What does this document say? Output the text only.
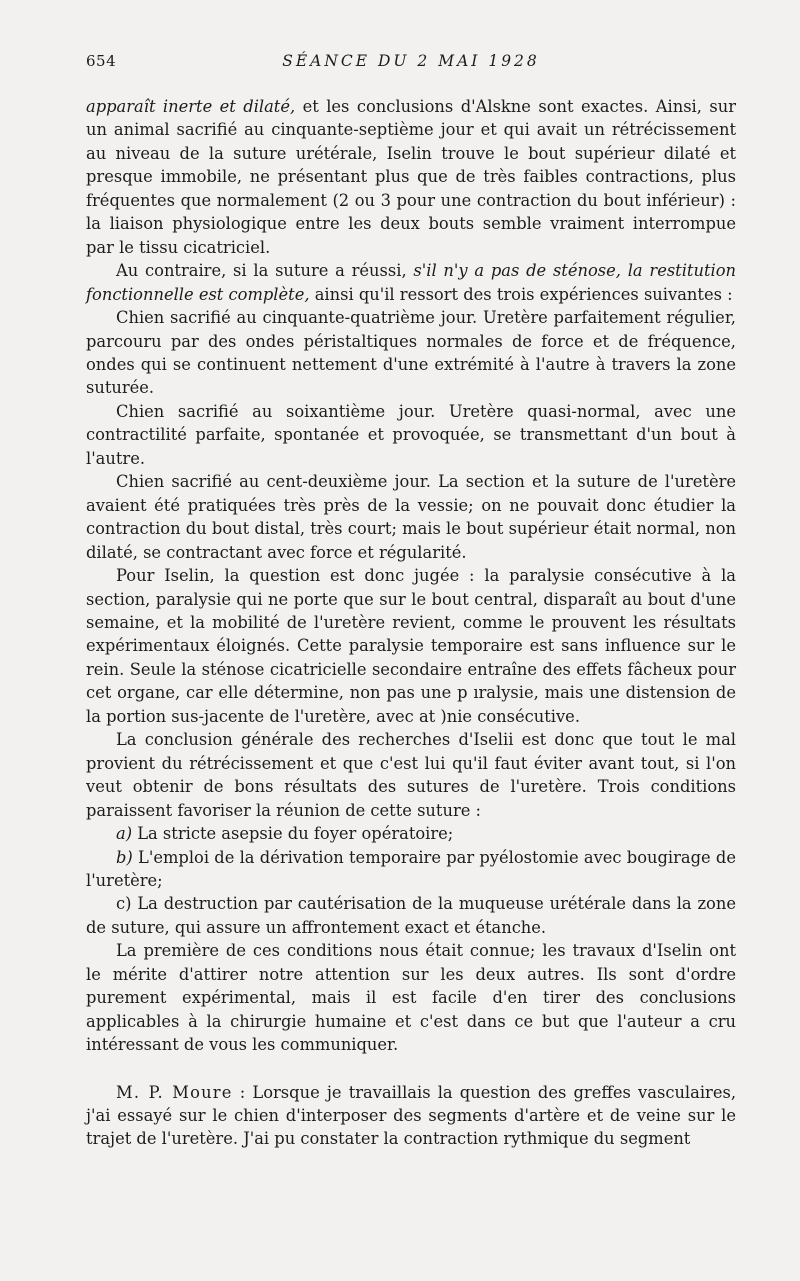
654	SÉANCE DU 2 MAI 1928

apparaît inerte et dilaté, et les conclusions d'Alskne sont exactes. Ainsi, sur un animal sacrifié au cinquante-septième jour et qui avait un rétrécissement au niveau de la suture urétérale, Iselin trouve le bout supérieur dilaté et presque immobile, ne présentant plus que de très faibles contractions, plus fréquentes que normalement (2 ou 3 pour une contraction du bout inférieur) : la liaison physiologique entre les deux bouts semble vraiment interrompue par le tissu cicatriciel.

Au contraire, si la suture a réussi, s'il n'y a pas de sténose, la restitution fonctionnelle est complète, ainsi qu'il ressort des trois expériences suivantes :

Chien sacrifié au cinquante-quatrième jour. Uretère parfaitement régulier, parcouru par des ondes péristaltiques normales de force et de fréquence, ondes qui se continuent nettement d'une extrémité à l'autre à travers la zone suturée.

Chien sacrifié au soixantième jour. Uretère quasi-normal, avec une contractilité parfaite, spontanée et provoquée, se transmettant d'un bout à l'autre.

Chien sacrifié au cent-deuxième jour. La section et la suture de l'uretère avaient été pratiquées très près de la vessie; on ne pouvait donc étudier la contraction du bout distal, très court; mais le bout supérieur était normal, non dilaté, se contractant avec force et régularité.

Pour Iselin, la question est donc jugée : la paralysie consécutive à la section, paralysie qui ne porte que sur le bout central, disparaît au bout d'une semaine, et la mobilité de l'uretère revient, comme le prouvent les résultats expérimentaux éloignés. Cette paralysie temporaire est sans influence sur le rein. Seule la sténose cicatricielle secondaire entraîne des effets fâcheux pour cet organe, car elle détermine, non pas une p ıralysie, mais une distension de la portion sus-jacente de l'uretère, avec at )nie consécutive.

La conclusion générale des recherches d'Iselii est donc que tout le mal provient du rétrécissement et que c'est lui qu'il faut éviter avant tout, si l'on veut obtenir de bons résultats des sutures de l'uretère. Trois conditions paraissent favoriser la réunion de cette suture :

a) La stricte asepsie du foyer opératoire;

b) L'emploi de la dérivation temporaire par pyélostomie avec bougirage de l'uretère;

c) La destruction par cautérisation de la muqueuse urétérale dans la zone de suture, qui assure un affrontement exact et étanche.

La première de ces conditions nous était connue; les travaux d'Iselin ont le mérite d'attirer notre attention sur les deux autres. Ils sont d'ordre purement expérimental, mais il est facile d'en tirer des conclusions applicables à la chirurgie humaine et c'est dans ce but que l'auteur a cru intéressant de vous les communiquer.

M. P. Moure : Lorsque je travaillais la question des greffes vasculaires, j'ai essayé sur le chien d'interposer des segments d'artère et de veine sur le trajet de l'uretère. J'ai pu constater la contraction rythmique du segment
